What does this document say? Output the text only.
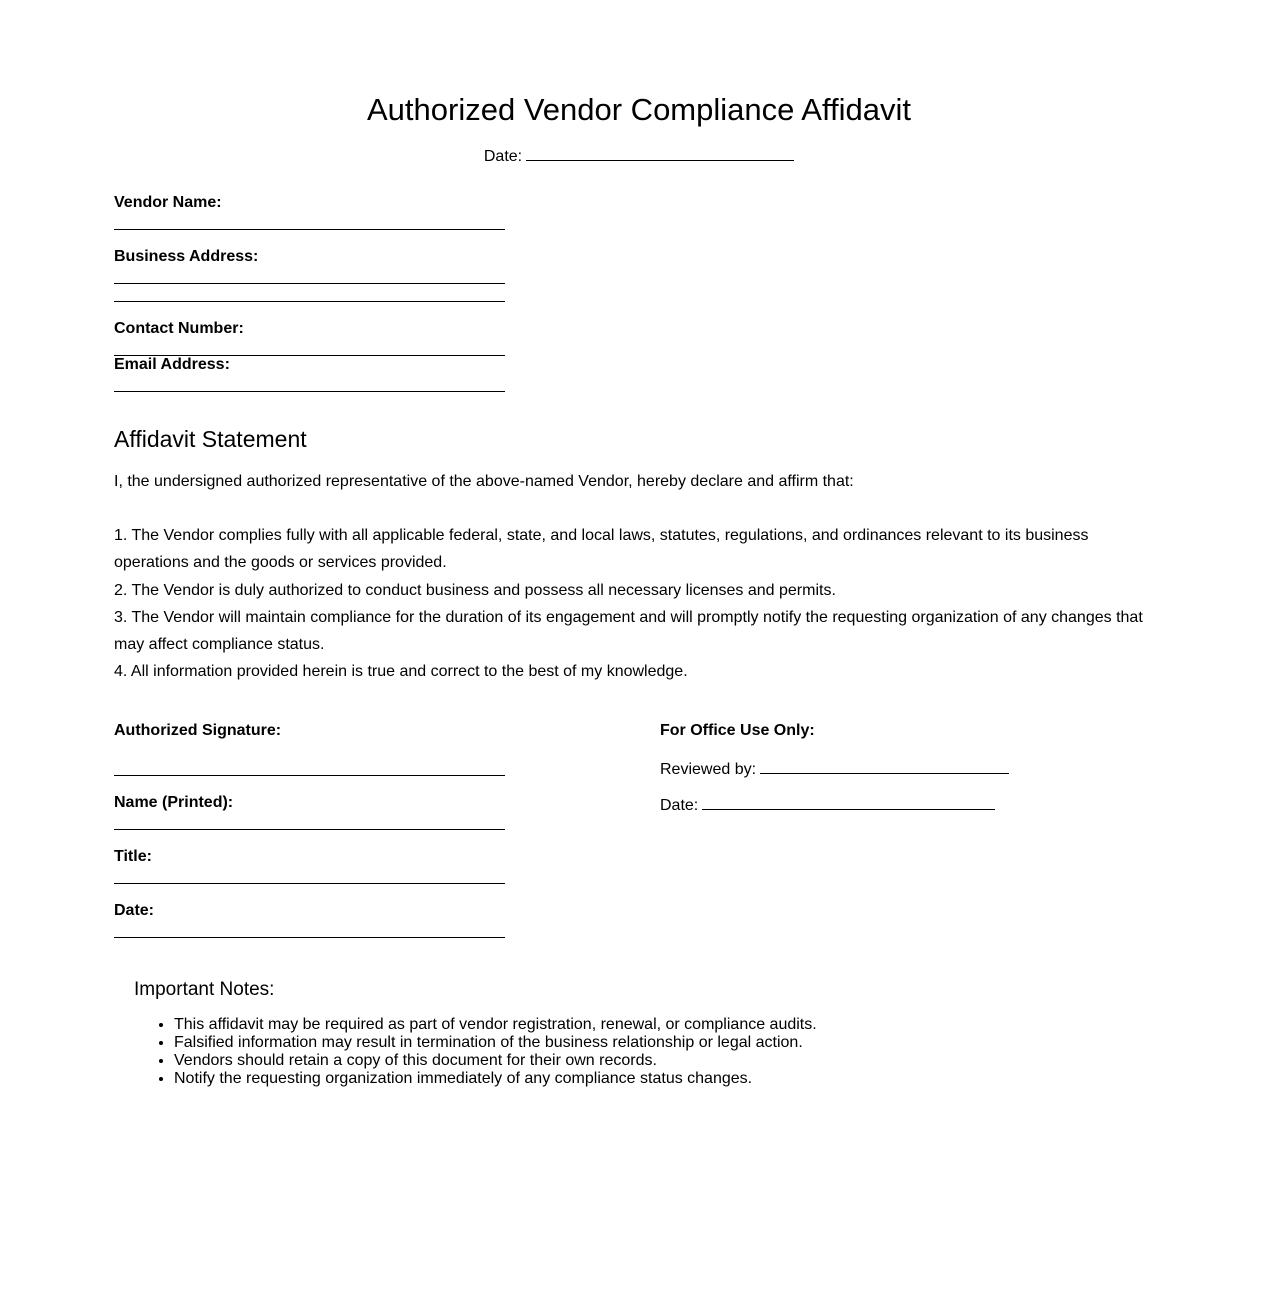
Authorized Vendor Compliance Affidavit
Date:
Vendor Name:
Business Address:
Contact Number:
Email Address:
Affidavit Statement

I, the undersigned authorized representative of the above-named Vendor, hereby declare and affirm that:

1. The Vendor complies fully with all applicable federal, state, and local laws, statutes, regulations, and ordinances relevant to its business operations and the goods or services provided.

2. The Vendor is duly authorized to conduct business and possess all necessary licenses and permits.

3. The Vendor will maintain compliance for the duration of its engagement and will promptly notify the requesting organization of any changes that may affect compliance status.

4. All information provided herein is true and correct to the best of my knowledge.

Authorized Signature:
Name (Printed):
Title:
Date:
For Office Use Only:
Reviewed by:
Date:
Important Notes:
• This affidavit may be required as part of vendor registration, renewal, or compliance audits.
• Falsified information may result in termination of the business relationship or legal action.
• Vendors should retain a copy of this document for their own records.
• Notify the requesting organization immediately of any compliance status changes.
